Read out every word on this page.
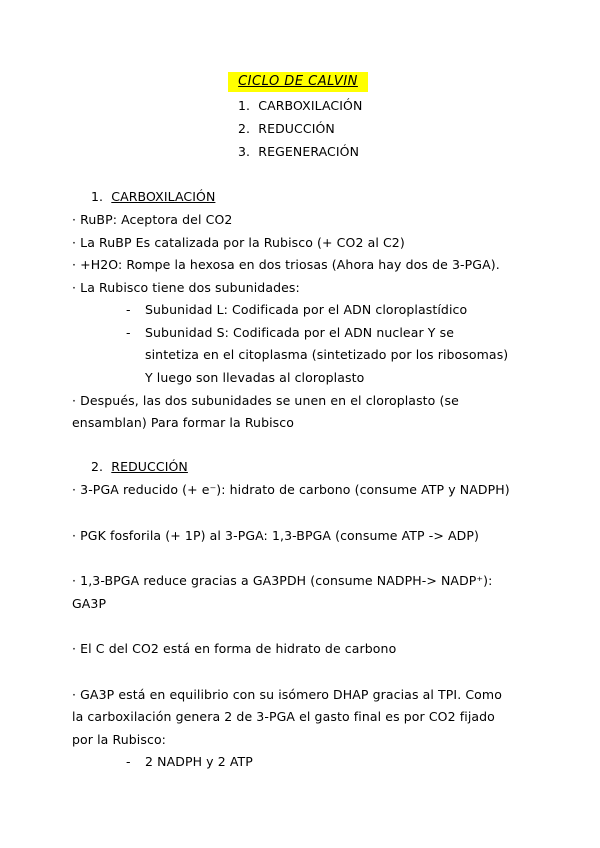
CICLO DE CALVIN
1. CARBOXILACIÓN
2. REDUCCIÓN
3. REGENERACIÓN
1. CARBOXILACIÓN
· RuBP: Aceptora del CO2
· La RuBP Es catalizada por la Rubisco (+ CO2 al C2)
· +H2O: Rompe la hexosa en dos triosas (Ahora hay dos de 3-PGA).
· La Rubisco tiene dos subunidades:
- Subunidad L: Codificada por el ADN cloroplastídico
- Subunidad S: Codificada por el ADN nuclear Y se
sintetiza en el citoplasma (sintetizado por los ribosomas)
Y luego son llevadas al cloroplasto
· Después, las dos subunidades se unen en el cloroplasto (se
ensamblan) Para formar la Rubisco
2. REDUCCIÓN
· 3-PGA reducido (+ e⁻): hidrato de carbono (consume ATP y NADPH)
· PGK fosforila (+ 1P) al 3-PGA: 1,3-BPGA (consume ATP -> ADP)
· 1,3-BPGA reduce gracias a GA3PDH (consume NADPH-> NADP⁺):
GA3P
· El C del CO2 está en forma de hidrato de carbono
· GA3P está en equilibrio con su isómero DHAP gracias al TPI. Como
la carboxilación genera 2 de 3-PGA el gasto final es por CO2 fijado
por la Rubisco:
- 2 NADPH y 2 ATP
